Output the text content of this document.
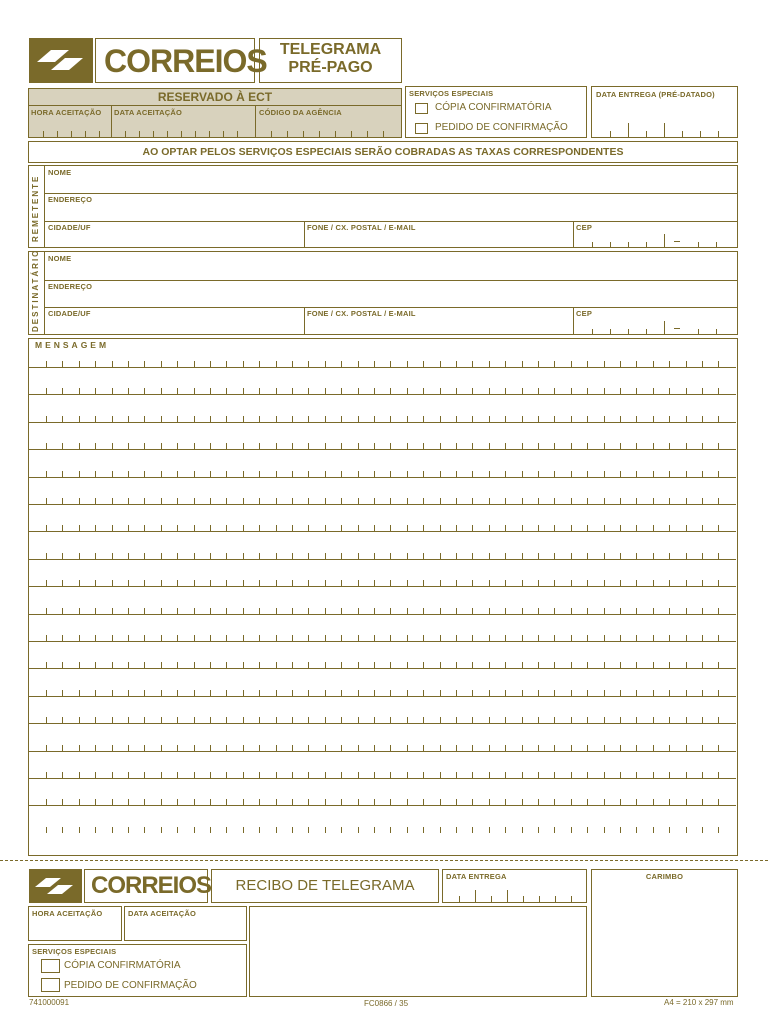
CORREIOS TELEGRAMA
PRÉ-PAGO
RESERVADO À ECT
HORA ACEITAÇÃO DATA ACEITAÇÃO	CÓDIGO DA AGÊNCIA
SERVIÇOS ESPECIAIS
CÓPIA CONFIRMATÓRIA
PEDIDO DE CONFIRMAÇÃO
DATA ENTREGA (PRÉ-DATADO)
AO OPTAR PELOS SERVIÇOS ESPECIAIS SERÃO COBRADAS AS TAXAS CORRESPONDENTES
REMETENTE
NOME
ENDEREÇO
CIDADE/UF	FONE / CX. POSTAL / E-MAIL	CEP
DESTINATÁRIO NOME
ENDEREÇO
CIDADE/UF	FONE / CX. POSTAL / E-MAIL	CEP
MENSAGEM
CORREIOS	RECIBO DE TELEGRAMA
DATA ENTREGA	CARIMBO
HORA ACEITAÇÃO	DATA ACEITAÇÃO
SERVIÇOS ESPECIAIS
CÓPIA CONFIRMATÓRIA
PEDIDO DE CONFIRMAÇÃO
741000091	FC0866 / 35	A4 = 210 x 297 mm
